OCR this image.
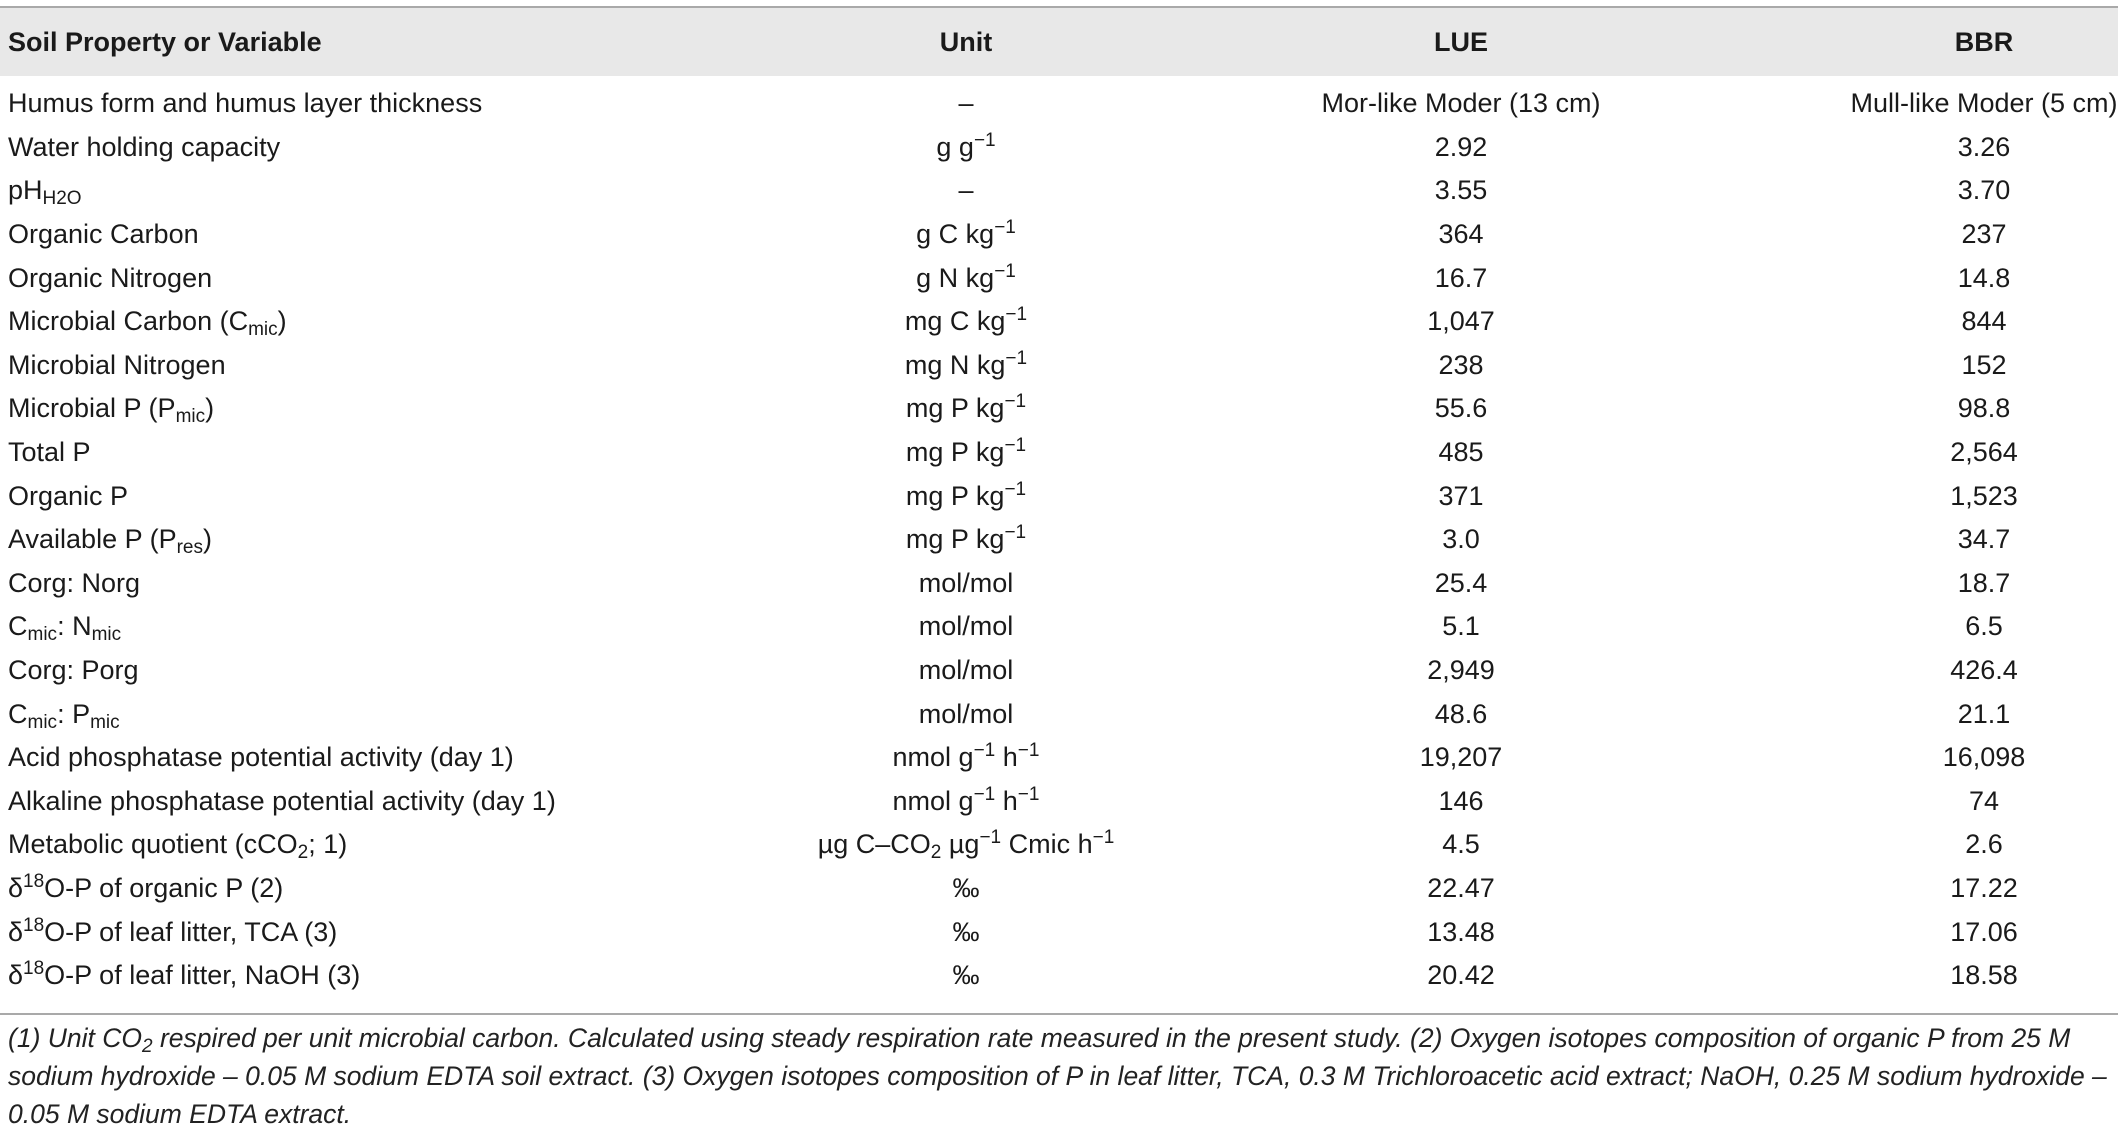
Soil Property or Variable	Unit	LUE	BBR
Humus form and humus layer thickness	–	Mor-like Moder (13 cm)	Mull-like Moder (5 cm)
Water holding capacity	g $g^{-1}$	2.92	3.26
$pH_{H2O}$	–	3.55	3.70
Organic Carbon	g C $kg^{-1}$	364	237
Organic Nitrogen	g N $kg^{-1}$	16.7	14.8
Microbial Carbon $(C_{mic})$	mg C $kg^{-1}$	1,047	844
Microbial Nitrogen	mg N $kg^{-1}$	238	152
Microbial P $(P_{mic})$	mg P $kg^{-1}$	55.6	98.8
Total P	mg P $kg^{-1}$	485	2,564
Organic P	mg P $kg^{-1}$	371	1,523
Available P $(P_{res})$	mg P $kg^{-1}$	3.0	34.7
Corg: Norg	mol/mol	25.4	18.7
$C_{mic}$: $N_{mic}$	mol/mol	5.1	6.5
Corg: Porg	mol/mol	2,949	426.4
$C_{mic}$: $P_{mic}$	mol/mol	48.6	21.1
Acid phosphatase potential activity (day 1)	nmol $g^{-1}$ $h^{-1}$	19,207	16,098
Alkaline phosphatase potential activity (day 1)	nmol $g^{-1}$ $h^{-1}$	146	74
Metabolic quotient (cCO$_2$; 1)	µg $C-CO_2$ µg$^{-1}$ Cmic $h^{-1}$	4.5	2.6
$\delta^{18}O-P$ of organic P (2)	‰	22.47	17.22
$\delta^{18}O-P$ of leaf litter, TCA (3)	‰	13.48	17.06
$\delta^{18}O-P$ of leaf litter, NaOH (3)	‰	20.42	18.58
(1) Unit $CO_2$ respired per unit microbial carbon. Calculated using steady respiration rate measured in the present study. (2) Oxygen isotopes composition of organic P from 25 M sodium hydroxide – 0.05 M sodium EDTA soil extract. (3) Oxygen isotopes composition of P in leaf litter, TCA, 0.3 M Trichloroacetic acid extract; NaOH, 0.25 M sodium hydroxide – 0.05 M sodium EDTA extract.
